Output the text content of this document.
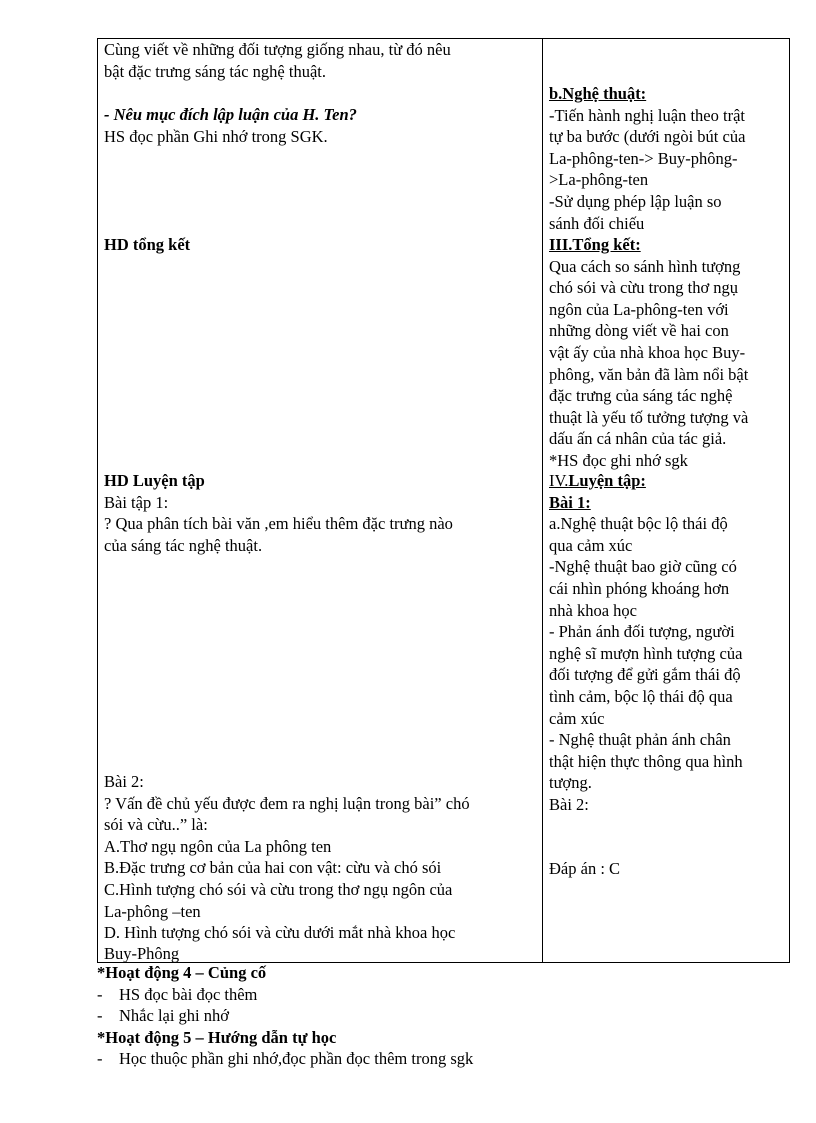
Cùng viết về những đối tượng giống nhau, từ đó nêu
bật đặc trưng sáng tác nghệ thuật.
- Nêu mục đích lập luận của H. Ten?
HS đọc phần Ghi nhớ trong SGK.
HD tổng kết
HD Luyện tập
Bài tập 1:
? Qua phân tích bài văn ,em hiểu thêm đặc trưng nào
của sáng tác nghệ thuật.
Bài 2:
? Vấn đề chủ yếu được đem ra nghị luận trong bài” chó
sói và cừu..” là:
A.Thơ ngụ ngôn của La phông ten
B.Đặc trưng cơ bản của hai con vật: cừu và chó sói
C.Hình tượng chó sói và cừu trong thơ ngụ ngôn của
La-phông –ten
D. Hình tượng chó sói và cừu dưới mắt nhà khoa học
Buy-Phông
b.Nghệ thuật:
-Tiến hành nghị luận theo trật
tự ba bước (dưới ngòi bút của
La-phông-ten-> Buy-phông-
>La-phông-ten
-Sử dụng phép lập luận so
sánh đối chiếu
III.Tổng kết:
Qua cách so sánh hình tượng
chó sói và cừu trong thơ ngụ
ngôn của La-phông-ten với
những dòng viết về hai con
vật ấy của nhà khoa học Buy-
phông, văn bản đã làm nổi bật
đặc trưng của sáng tác nghệ
thuật là yếu tố tưởng tượng và
dấu ấn cá nhân của tác giả.
*HS đọc ghi nhớ sgk
IV.Luyện tập:
Bài 1:
a.Nghệ thuật bộc lộ thái độ
qua cảm xúc
-Nghệ thuật bao giờ cũng có
cái nhìn phóng khoáng hơn
nhà khoa học
- Phản ánh đối tượng, người
nghệ sĩ mượn hình tượng của
đối tượng để gửi gắm thái độ
tình cảm, bộc lộ thái độ qua
cảm xúc
- Nghệ thuật phản ánh chân
thật hiện thực thông qua hình
tượng.
Bài 2:
Đáp án : C
*Hoạt động 4 – Củng cố
- HS đọc bài đọc thêm
- Nhắc lại ghi nhớ
*Hoạt động 5 – Hướng dẫn tự học
- Học thuộc phần ghi nhớ,đọc phần đọc thêm trong sgk
